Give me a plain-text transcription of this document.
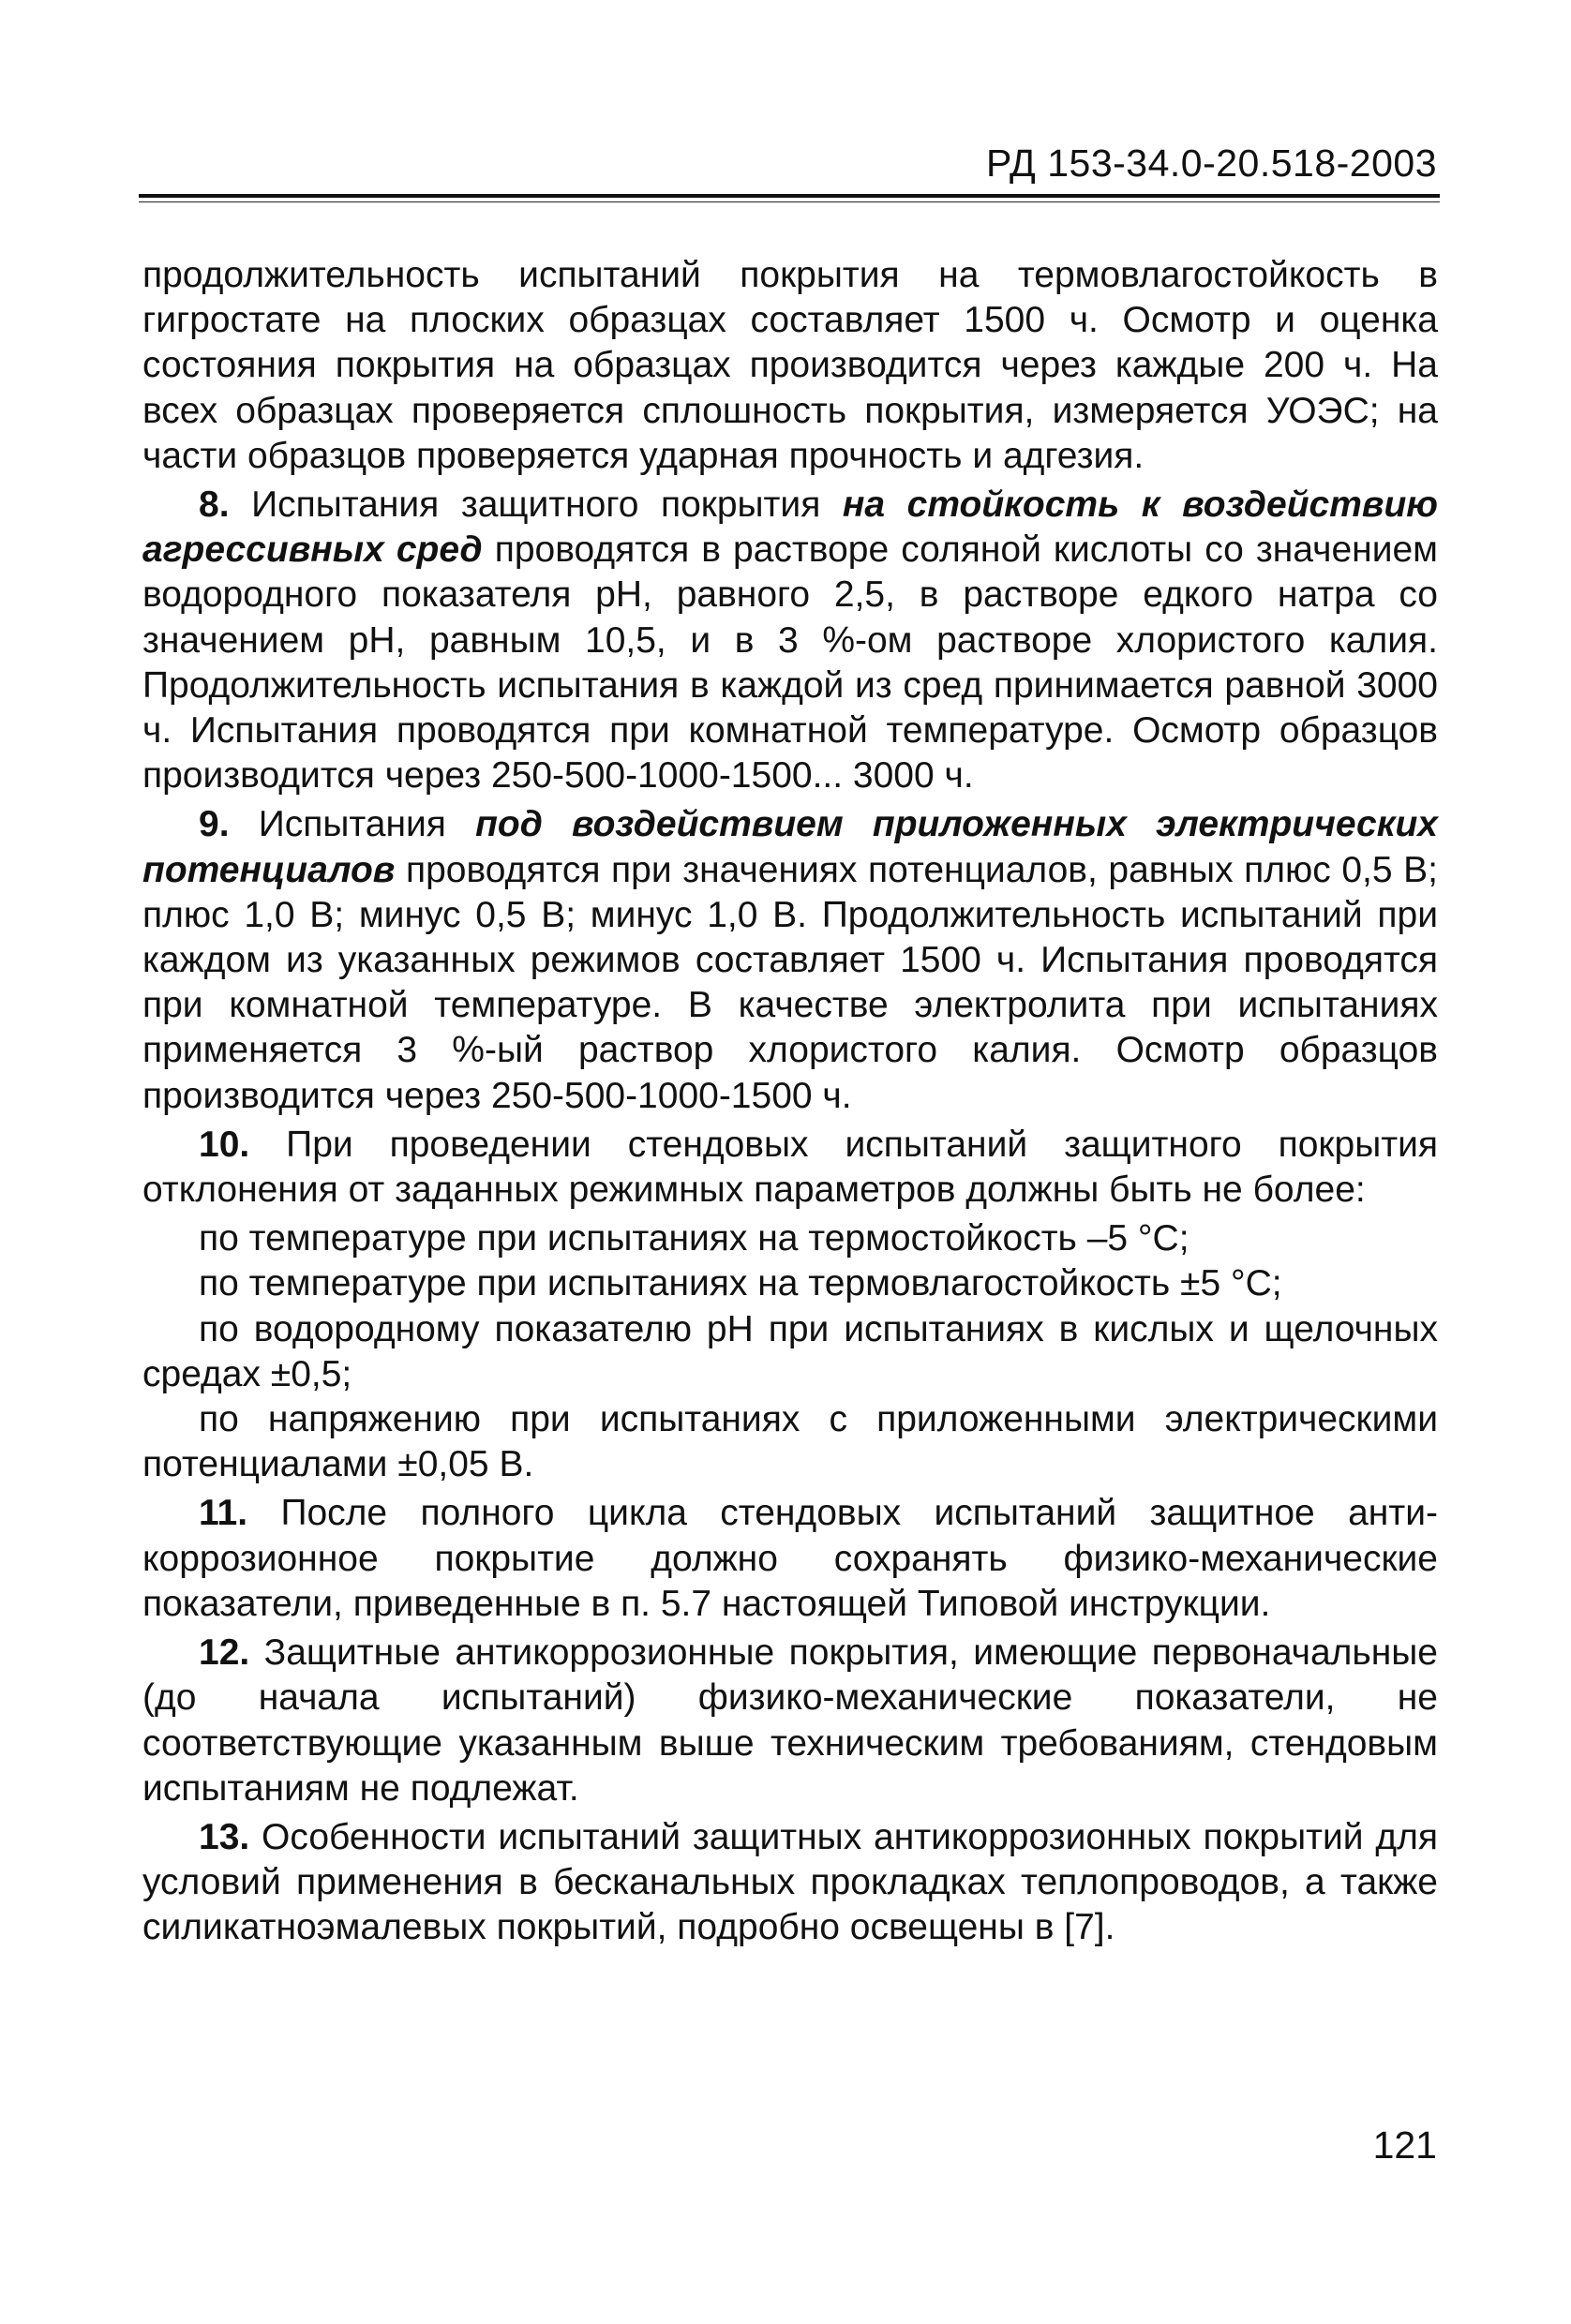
РД 153-34.0-20.518-2003

продолжительность испытаний покрытия на термовлагостойкость в гигростате на плоских образцах составляет 1500 ч. Осмотр и оценка состояния покрытия на образцах производится через каждые 200 ч. На всех образцах проверяется сплошность покрытия, измеряется УОЭС; на части образцов проверяется ударная прочность и адгезия.

8. Испытания защитного покрытия на стойкость к воздействию агрессивных сред проводятся в растворе соляной кислоты со значением водородного показателя рН, равного 2,5, в растворе едкого натра со значением рН, равным 10,5, и в 3 %-ом растворе хлористого калия. Продолжительность испытания в каждой из сред принимается равной 3000 ч. Испытания проводятся при комнатной температуре. Осмотр образцов производится через 250-500-1000-1500... 3000 ч.

9. Испытания под воздействием приложенных электрических потенциалов проводятся при значениях потенциалов, равных плюс 0,5 В; плюс 1,0 В; минус 0,5 В; минус 1,0 В. Продолжительность испытаний при каждом из указанных режимов составляет 1500 ч. Испытания проводятся при комнатной температуре. В качестве электролита при испытаниях применяется 3 %-ый раствор хлористого калия. Осмотр образцов производится через 250-500-1000-1500 ч.

10. При проведении стендовых испытаний защитного покрытия отклонения от заданных режимных параметров должны быть не более:

по температуре при испытаниях на термостойкость –5 °С;

по температуре при испытаниях на термовлагостойкость ±5 °С;

по водородному показателю рН при испытаниях в кислых и щелочных средах ±0,5;

по напряжению при испытаниях с приложенными электрическими потенциалами ±0,05 В.

11. После полного цикла стендовых испытаний защитное антикоррозионное покрытие должно сохранять физико-механические показатели, приведенные в п. 5.7 настоящей Типовой инструкции.

12. Защитные антикоррозионные покрытия, имеющие первоначальные (до начала испытаний) физико-механические показатели, не соответствующие указанным выше техническим требованиям, стендовым испытаниям не подлежат.

13. Особенности испытаний защитных антикоррозионных покрытий для условий применения в бесканальных прокладках теплопроводов, а также силикатноэмалевых покрытий, подробно освещены в [7].

121
